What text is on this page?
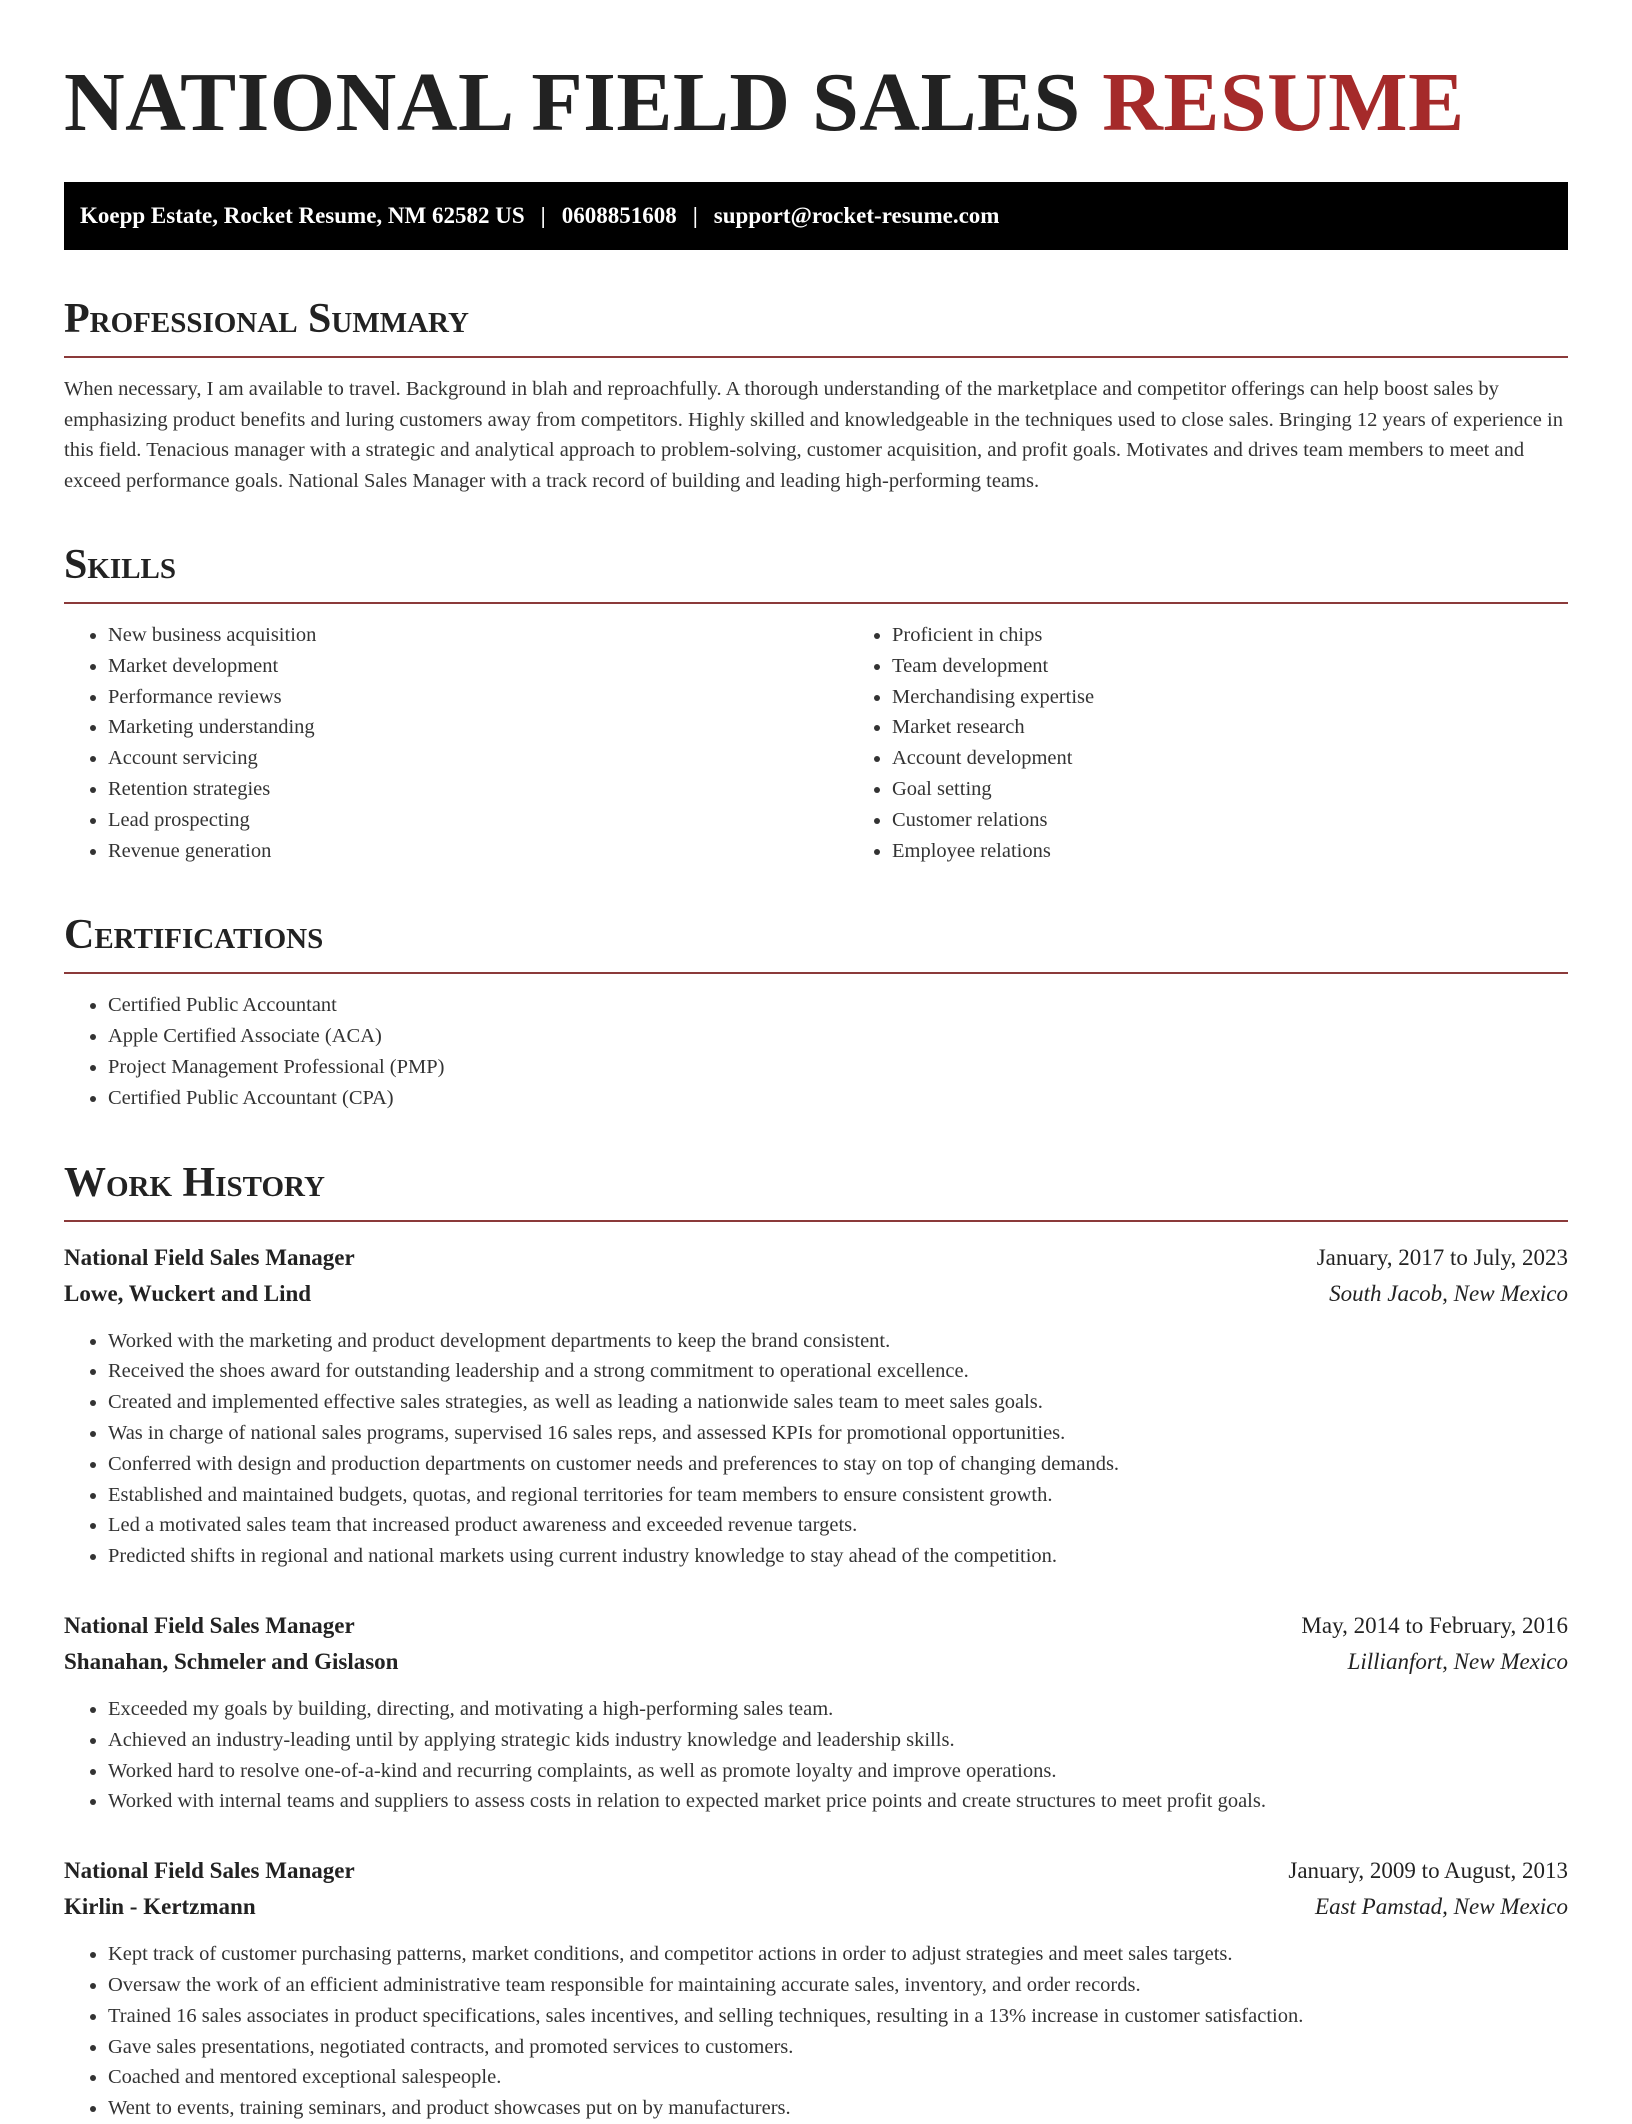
NATIONAL FIELD SALES RESUME
Koepp Estate, Rocket Resume, NM 62582 US | 0608851608 | support@rocket-resume.com
Professional Summary

When necessary, I am available to travel. Background in blah and reproachfully. A thorough understanding of the marketplace and competitor offerings can help boost sales by emphasizing product benefits and luring customers away from competitors. Highly skilled and knowledgeable in the techniques used to close sales. Bringing 12 years of experience in this field. Tenacious manager with a strategic and analytical approach to problem-solving, customer acquisition, and profit goals. Motivates and drives team members to meet and exceed performance goals. National Sales Manager with a track record of building and leading high-performing teams.

Skills
• New business acquisition
• Market development
• Performance reviews
• Marketing understanding
• Account servicing
• Retention strategies
• Lead prospecting
• Revenue generation
• Proficient in chips
• Team development
• Merchandising expertise
• Market research
• Account development
• Goal setting
• Customer relations
• Employee relations
Certifications
• Certified Public Accountant
• Apple Certified Associate (ACA)
• Project Management Professional (PMP)
• Certified Public Accountant (CPA)
Work History
National Field Sales Manager	January, 2017 to July, 2023
Lowe, Wuckert and Lind	South Jacob, New Mexico
• Worked with the marketing and product development departments to keep the brand consistent.
• Received the shoes award for outstanding leadership and a strong commitment to operational excellence.
• Created and implemented effective sales strategies, as well as leading a nationwide sales team to meet sales goals.
• Was in charge of national sales programs, supervised 16 sales reps, and assessed KPIs for promotional opportunities.
• Conferred with design and production departments on customer needs and preferences to stay on top of changing demands.
• Established and maintained budgets, quotas, and regional territories for team members to ensure consistent growth.
• Led a motivated sales team that increased product awareness and exceeded revenue targets.
• Predicted shifts in regional and national markets using current industry knowledge to stay ahead of the competition.
National Field Sales Manager	May, 2014 to February, 2016
Shanahan, Schmeler and Gislason	Lillianfort, New Mexico
• Exceeded my goals by building, directing, and motivating a high-performing sales team.
• Achieved an industry-leading until by applying strategic kids industry knowledge and leadership skills.
• Worked hard to resolve one-of-a-kind and recurring complaints, as well as promote loyalty and improve operations.
• Worked with internal teams and suppliers to assess costs in relation to expected market price points and create structures to meet profit goals.
National Field Sales Manager	January, 2009 to August, 2013
Kirlin - Kertzmann	East Pamstad, New Mexico
• Kept track of customer purchasing patterns, market conditions, and competitor actions in order to adjust strategies and meet sales targets.
• Oversaw the work of an efficient administrative team responsible for maintaining accurate sales, inventory, and order records.
• Trained 16 sales associates in product specifications, sales incentives, and selling techniques, resulting in a 13% increase in customer satisfaction.
• Gave sales presentations, negotiated contracts, and promoted services to customers.
• Coached and mentored exceptional salespeople.
• Went to events, training seminars, and product showcases put on by manufacturers.
